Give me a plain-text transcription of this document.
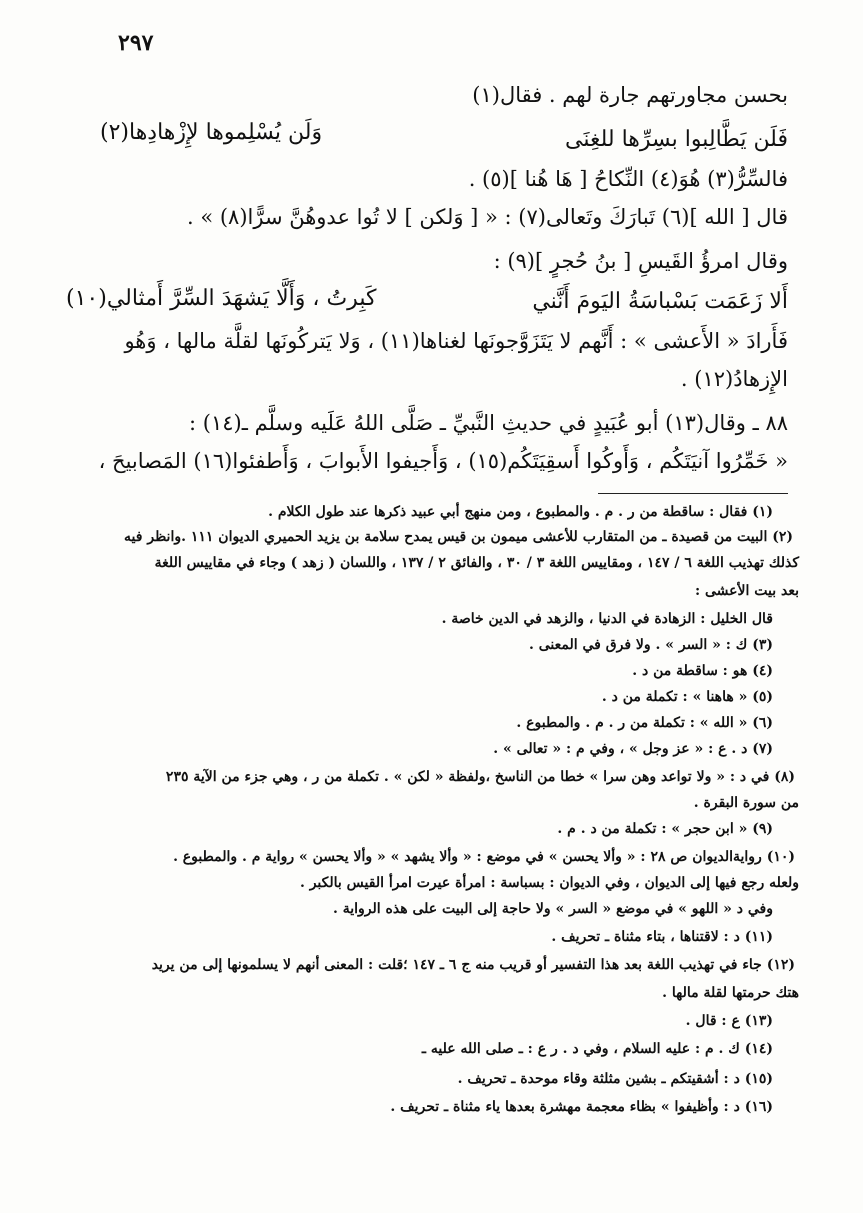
٢٩٧
بحسن مجاورتهم جارة لهم . فقال(١)
فَلَن يَطَّالِبوا بسِرِّها للغِنَى
وَلَن يُسْلِموها لإِزْهادِها(٢)
فالسِّرُّ(٣) هُوَ(٤) النِّكاحُ [ هَا هُنا ](٥) .
قال [ الله ](٦) تَبارَكَ وتَعالى(٧) : « [ وَلكن ] لا تُوا عدوهُنَّ سرًّا(٨) » .
وقال امرؤُ القَيسِ [ بنُ حُجرٍ ](٩) :
أَلا زَعَمَت بَسْباسَةُ اليَومَ أَنَّني
كَبِرتُ ، وَأَلَّا يَشهَدَ السِّرَّ أَمثالي(١٠)
فَأَرادَ « الأَعشى » : أَنَّهم لا يَتَزَوَّجونَها لغناها(١١) ، وَلا يَتركُونَها لقلَّة مالها ، وَهُو
الإِزهادُ(١٢) .
٨٨ ـ وقال(١٣) أبو عُبَيدٍ في حديثِ النَّبيِّ ـ صَلَّى اللهُ عَلَيه وسلَّم ـ(١٤) :
« خَمِّرُوا آنيَتَكُم ، وَأَوكُوا أَسقِيَتَكُم(١٥) ، وَأَجيفوا الأَبوابَ ، وَأَطفئوا(١٦) المَصابيحَ ،
(١) فقال : ساقطة من ر . م . والمطبوع ، ومن منهج أبي عبيد ذكرها عند طول الكلام .
(٢) البيت من قصيدة ـ من المتقارب للأعشى ميمون بن قيس يمدح سلامة بن يزيد الحميري الديوان ١١١ .وانظر فيه
كذلك تهذيب اللغة ٦ / ١٤٧ ، ومقاييس اللغة ٣ / ٣٠ ، والفائق ٢ / ١٣٧ ، واللسان ( زهد ) وجاء في مقاييس اللغة
بعد بيت الأعشى :
قال الخليل : الزهادة في الدنيا ، والزهد في الدين خاصة .
(٣) ك : « السر » . ولا فرق في المعنى .
(٤) هو : ساقطة من د .
(٥) « هاهنا » : تكملة من د .
(٦) « الله » : تكملة من ر . م . والمطبوع .
(٧) د . ع : « عز وجل » ، وفي م : « تعالى » .
(٨) في د : « ولا تواعد وهن سرا » خطا من الناسخ ،ولفظة « لكن » . تكملة من ر ، وهي جزء من الآية ٢٣٥
من سورة البقرة .
(٩) « ابن حجر » : تكملة من د . م .
(١٠) روايةالديوان ص ٢٨ : « وألا يحسن » في موضع : « وألا يشهد » « وألا يحسن » رواية م . والمطبوع .
ولعله رجع فيها إلى الديوان ، وفي الديوان : بسباسة : امرأة عيرت امرأ القيس بالكبر .
وفي د « اللهو » في موضع « السر » ولا حاجة إلى البيت على هذه الرواية .
(١١) د : لاقتناها ، بتاء مثناة ـ تحريف .
(١٢) جاء في تهذيب اللغة بعد هذا التفسير أو قريب منه ج ٦ ـ ١٤٧ ؛قلت : المعنى أنهم لا يسلمونها إلى من يريد
هتك حرمتها لقلة مالها .
(١٣) ع : قال .
(١٤) ك . م : عليه السلام ، وفي د . ر ع : ـ صلى الله عليه ـ
(١٥) د : أشقيتكم ـ بشين مثلثة وقاء موحدة ـ تحريف .
(١٦) د : وأظيفوا » بظاء معجمة مهشرة بعدها ياء مثناة ـ تحريف .
